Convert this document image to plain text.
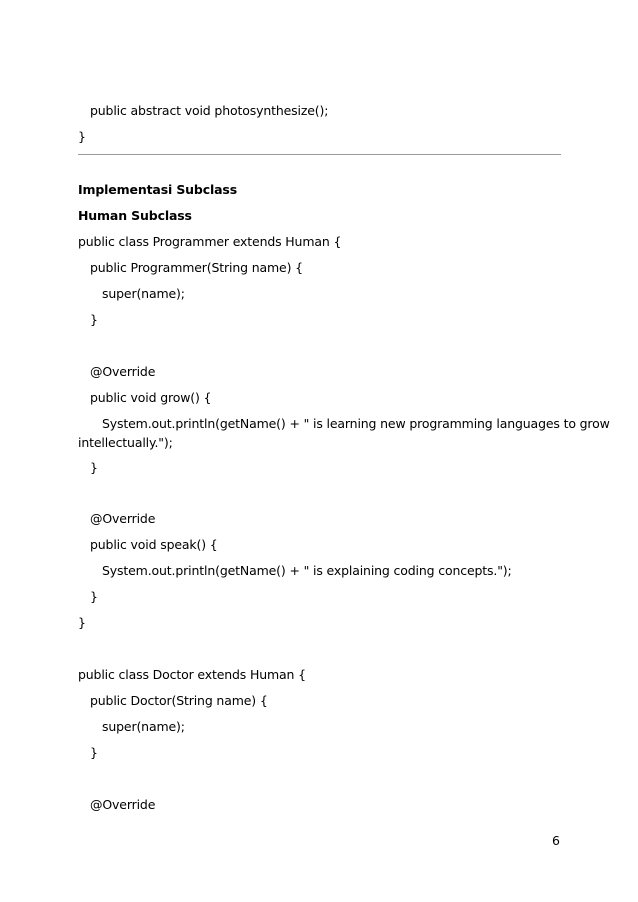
public abstract void photosynthesize();
}
Implementasi Subclass
Human Subclass
public class Programmer extends Human {
public Programmer(String name) {
super(name);
}
@Override
public void grow() {
System.out.println(getName() + " is learning new programming languages to grow
intellectually.");
}
@Override
public void speak() {
System.out.println(getName() + " is explaining coding concepts.");
}
}
public class Doctor extends Human {
public Doctor(String name) {
super(name);
}
@Override
6
